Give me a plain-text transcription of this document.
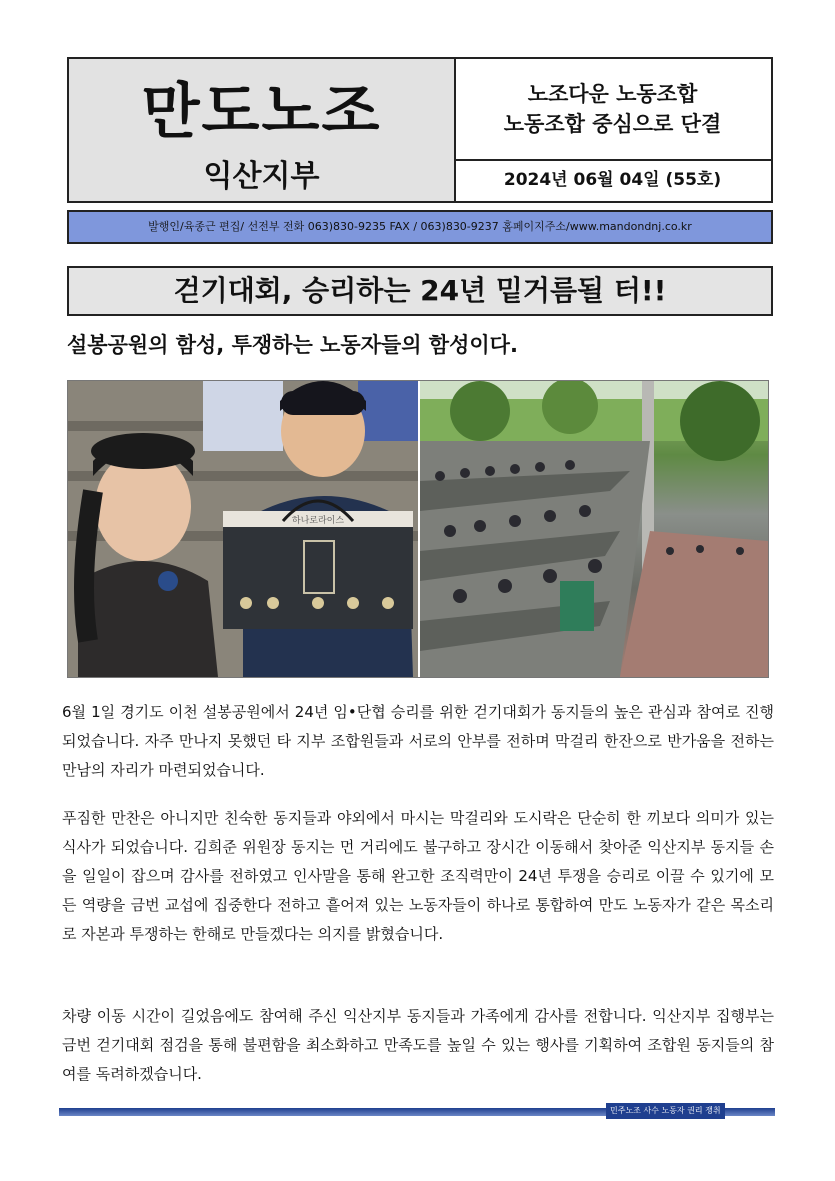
만도노조
익산지부
노조다운 노동조합
노동조합 중심으로 단결
2024년 06월 04일 (55호)
발행인/육종근 편집/ 선전부 전화 063)830-9235 FAX / 063)830-9237 홈페이지주소/www.mandondnj.co.kr
걷기대회, 승리하는 24년 밑거름될 터!!
설봉공원의 함성, 투쟁하는 노동자들의 함성이다.
하나로라이스

6월 1일 경기도 이천 설봉공원에서 24년 임•단협 승리를 위한 걷기대회가 동지들의 높은 관심과 참여로 진행되었습니다. 자주 만나지 못했던 타 지부 조합원들과 서로의 안부를 전하며 막걸리 한잔으로 반가움을 전하는 만남의 자리가 마련되었습니다.

푸짐한 만찬은 아니지만 친숙한 동지들과 야외에서 마시는 막걸리와 도시락은 단순히 한 끼보다 의미가 있는 식사가 되었습니다. 김희준 위원장 동지는 먼 거리에도 불구하고 장시간 이동해서 찾아준 익산지부 동지들 손을 일일이 잡으며 감사를 전하였고 인사말을 통해 완고한 조직력만이 24년 투쟁을 승리로 이끌 수 있기에 모든 역량을 금번 교섭에 집중한다 전하고 흩어져 있는 노동자들이 하나로 통합하여 만도 노동자가 같은 목소리로 자본과 투쟁하는 한해로 만들겠다는 의지를 밝혔습니다.

차량 이동 시간이 길었음에도 참여해 주신 익산지부 동지들과 가족에게 감사를 전합니다. 익산지부 집행부는 금번 걷기대회 점검을 통해 불편함을 최소화하고 만족도를 높일 수 있는 행사를 기획하여 조합원 동지들의 참여를 독려하겠습니다.

민주노조 사수 노동자 권리 쟁취
